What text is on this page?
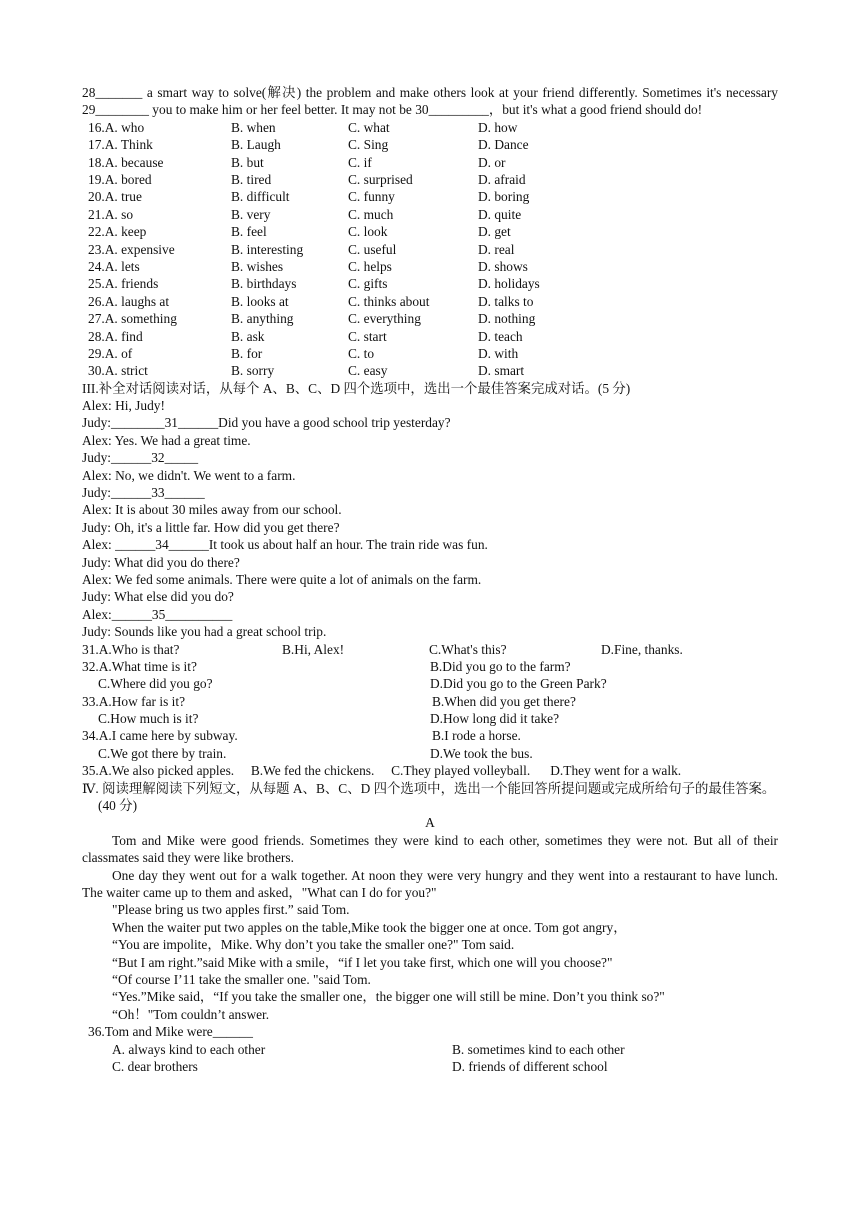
28_______ a smart way to solve(解决) the problem and make others look at your friend differently. Sometimes it's necessary 29________ you to make him or her feel better. It may not be 30_________，but it's what a good friend should do!

16.A. who	B. when	C. what	D. how
17.A. Think	B. Laugh	C. Sing	D. Dance
18.A. because	B. but	C. if	D. or
19.A. bored	B. tired	C. surprised	D. afraid
20.A. true	B. difficult	C. funny	D. boring
21.A. so	B. very	C. much	D. quite
22.A. keep	B. feel	C. look	D. get
23.A. expensive	B. interesting	C. useful	D. real
24.A. lets	B. wishes	C. helps	D. shows
25.A. friends	B. birthdays	C. gifts	D. holidays
26.A. laughs at	B. looks at	C. thinks about	D. talks to
27.A. something	B. anything	C. everything	D. nothing
28.A. find	B. ask	C. start	D. teach
29.A. of	B. for	C. to	D. with
30.A. strict	B. sorry	C. easy	D. smart

III.补全对话阅读对话，从每个 A、B、C、D 四个选项中，选出一个最佳答案完成对话。(5 分)

Alex: Hi, Judy!

Judy:________31______Did you have a good school trip yesterday?

Alex: Yes. We had a great time.

Judy:______32_____

Alex: No, we didn't. We went to a farm.

Judy:______33______

Alex: It is about 30 miles away from our school.

Judy: Oh, it's a little far. How did you get there?

Alex: ______34______It took us about half an hour. The train ride was fun.

Judy: What did you do there?

Alex: We fed some animals. There were quite a lot of animals on the farm.

Judy: What else did you do?

Alex:______35__________

Judy: Sounds like you had a great school trip.

31.A.Who is that?	B.Hi, Alex!	C.What's this?	D.Fine, thanks.
32.A.What time is it?	B.Did you go to the farm?
C.Where did you go?	D.Did you go to the Green Park?
33.A.How far is it?	B.When did you get there?
C.How much is it?	D.How long did it take?
34.A.I came here by subway.	B.I rode a horse.
C.We got there by train.	D.We took the bus.

35.A.We also picked apples.     B.We fed the chickens.     C.They played volleyball.      D.They went for a walk.

Ⅳ. 阅读理解阅读下列短文，从每题 A、B、C、D 四个选项中，选出一个能回答所提问题或完成所给句子的最佳答案。(40 分)

A

Tom and Mike were good friends. Sometimes they were kind to each other, sometimes they were not. But all of their classmates said they were like brothers.

One day they went out for a walk together. At noon they were very hungry and they went into a restaurant to have lunch. The waiter came up to them and asked，"What can I do for you?"

"Please bring us two apples first.” said Tom.

When the waiter put two apples on the table,Mike took the bigger one at once. Tom got angry，

“You are impolite，Mike. Why don’t you take the smaller one?" Tom said.

“But I am right.”said Mike with a smile，“if I let you take first, which one will you choose?"

“Of course I’11 take the smaller one. "said Tom.

“Yes.”Mike said，“If you take the smaller one，the bigger one will still be mine. Don’t you think so?"

“Oh！"Tom couldn’t answer.

36.Tom and Mike were______

A. always kind to each other	B. sometimes kind to each other
C. dear brothers	D. friends of different school
